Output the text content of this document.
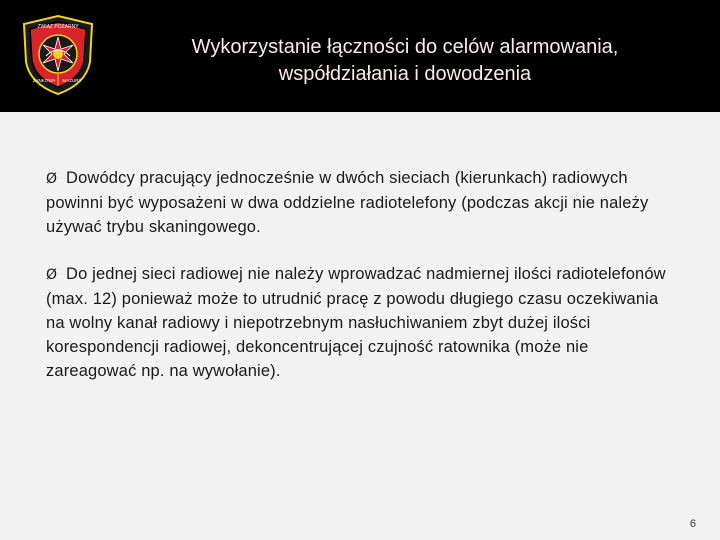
ZWIĄZ POŻARNY
ŻANKOWA MAZURY
Wykorzystanie łączności do celów alarmowania,
współdziałania i dowodzenia

Ø Dowódcy pracujący jednocześnie w dwóch sieciach (kierunkach) radiowych powinni być wyposażeni w dwa oddzielne radiotelefony (podczas akcji nie należy używać trybu skaningowego.

Ø Do jednej sieci radiowej nie należy wprowadzać nadmiernej ilości radiotelefonów (max. 12) ponieważ może to utrudnić pracę z powodu długiego czasu oczekiwania na wolny kanał radiowy i niepotrzebnym nasłuchiwaniem zbyt dużej ilości korespondencji radiowej, dekoncentrującej czujność ratownika (może nie zareagować np. na wywołanie).

6
